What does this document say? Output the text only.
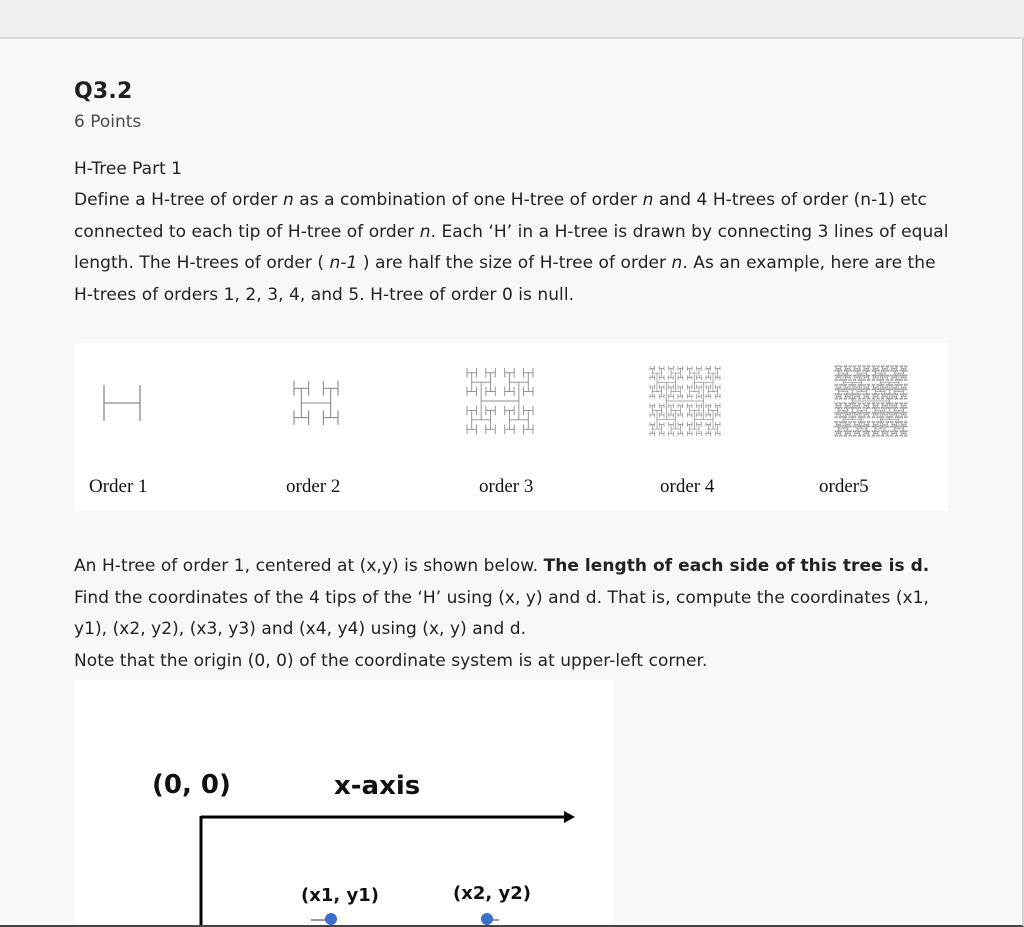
Q3.2
6 Points
H-Tree Part 1
Define a H-tree of order n as a combination of one H-tree of order n and 4 H-trees of order (n-1) etc connected to each tip of H-tree of order n. Each ‘H’ in a H-tree is drawn by connecting 3 lines of equal length. The H-trees of order ( n-1 ) are half the size of H-tree of order n. As an example, here are the H-trees of orders 1, 2, 3, 4, and 5. H-tree of order 0 is null.
Order 1	order 2	order 3	order 4	order5
An H-tree of order 1, centered at (x,y) is shown below. The length of each side of this tree is d. Find the coordinates of the 4 tips of the ‘H’ using (x, y) and d. That is, compute the coordinates (x1, y1), (x2, y2), (x3, y3) and (x4, y4) using (x, y) and d.
Note that the origin (0, 0) of the coordinate system is at upper-left corner.
(0, 0)	x-axis
(x1, y1)	(x2, y2)
